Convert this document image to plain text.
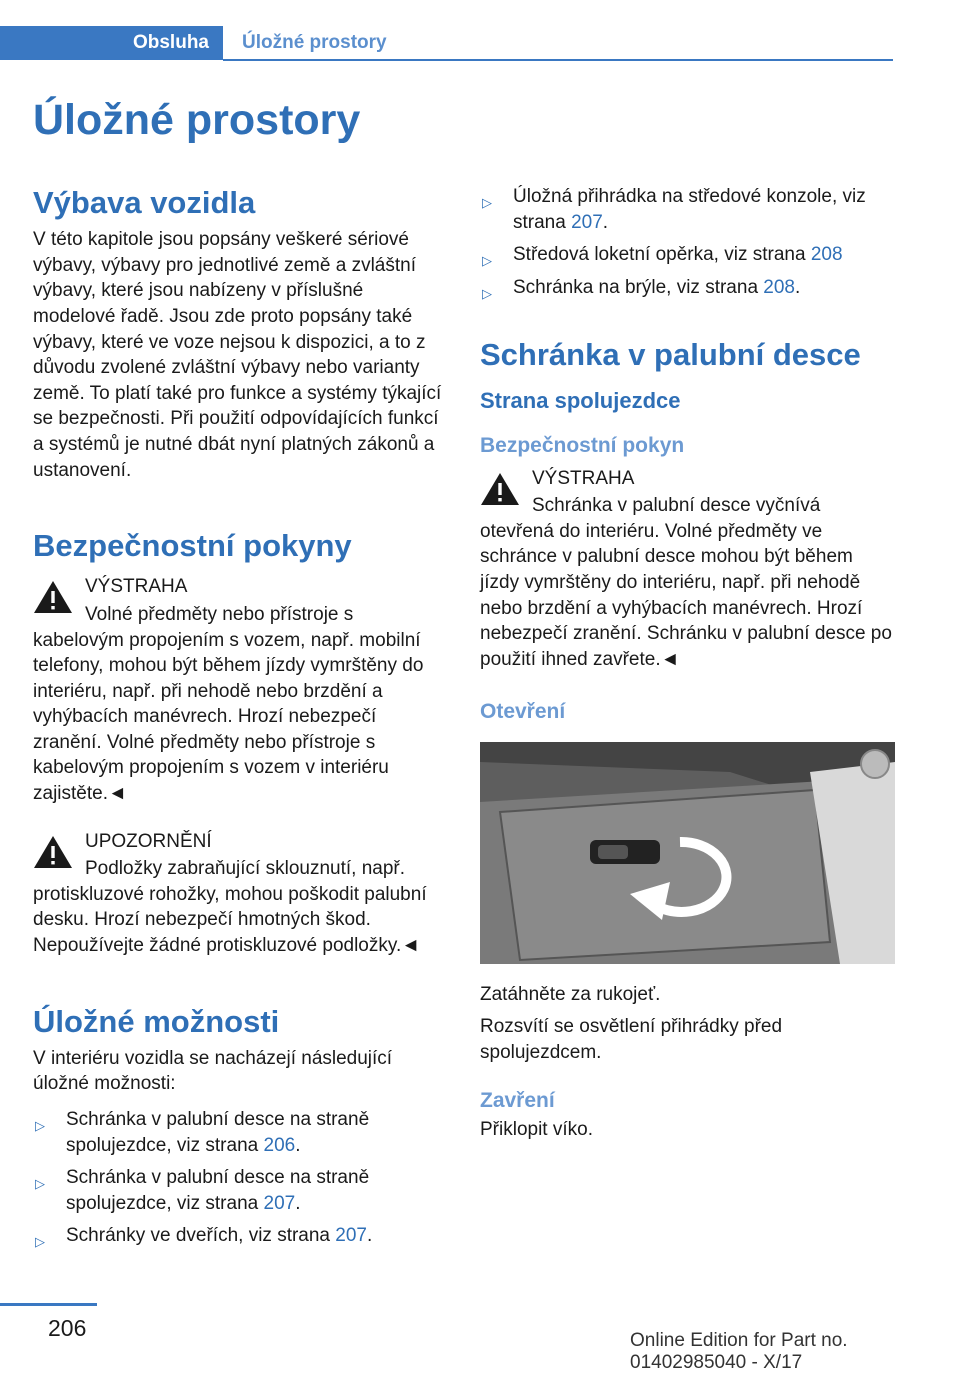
Obsluha	Úložné prostory
Úložné prostory
Výbava vozidla

V této kapitole jsou popsány veškeré sériové výbavy, výbavy pro jednotlivé země a zvláštní výbavy, které jsou nabízeny v příslušné modelové řadě. Jsou zde proto popsány také výbavy, které ve voze nejsou k dispozici, a to z důvodu zvolené zvláštní výbavy nebo varianty země. To platí také pro funkce a systémy týkající se bezpečnosti. Při použití odpovídajících funkcí a systémů je nutné dbát nyní platných zákonů a ustanovení.

Bezpečnostní pokyny
VÝSTRAHA

Volné předměty nebo přístroje s kabelovým propojením s vozem, např. mobilní telefony, mohou být během jízdy vymrštěny do interiéru, např. při nehodě nebo brzdění a vyhýbacích manévrech. Hrozí nebezpečí zranění. Volné předměty nebo přístroje s kabelovým propojením s vozem v interiéru zajistěte.◄

UPOZORNĚNÍ

Podložky zabraňující sklouznutí, např. protiskluzové rohožky, mohou poškodit palubní desku. Hrozí nebezpečí hmotných škod. Nepoužívejte žádné protiskluzové podložky.◄

Úložné možnosti

V interiéru vozidla se nacházejí následující úložné možnosti:

▷ Schránka v palubní desce na straně spolujezdce, viz strana 206.
▷ Schránka v palubní desce na straně spolujezdce, viz strana 207.
▷ Schránky ve dveřích, viz strana 207.
▷ Úložná přihrádka na středové konzole, viz strana 207.
▷ Středová loketní opěrka, viz strana 208
▷ Schránka na brýle, viz strana 208.
Schránka v palubní desce
Strana spolujezdce
Bezpečnostní pokyn
VÝSTRAHA

Schránka v palubní desce vyčnívá otevřená do interiéru. Volné předměty ve schránce v palubní desce mohou být během jízdy vymrštěny do interiéru, např. při nehodě nebo brzdění a vyhýbacích manévrech. Hrozí nebezpečí zranění. Schránku v palubní desce po použití ihned zavřete.◄

Otevření

Zatáhněte za rukojeť.

Rozsvítí se osvětlení přihrádky před spolujezdcem.

Zavření

Přiklopit víko.

206	Online Edition for Part no. 01402985040 - X/17
